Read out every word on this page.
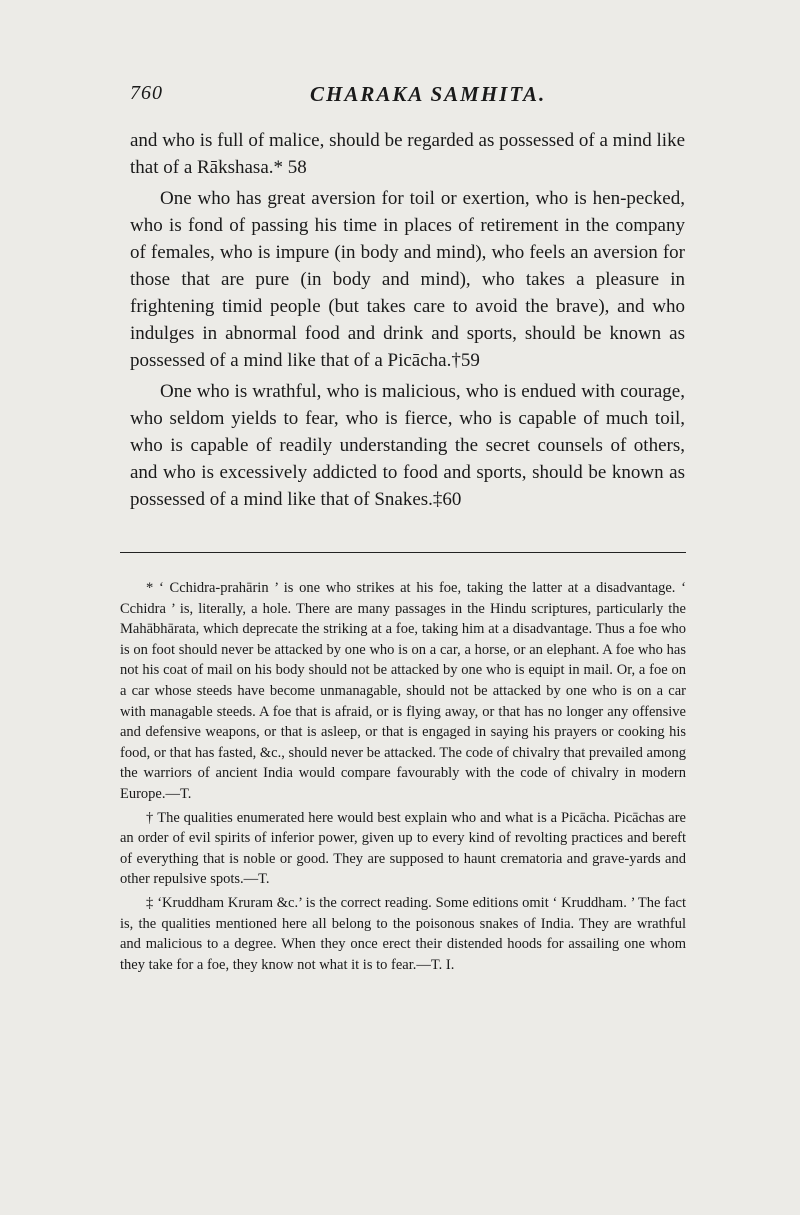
760	CHARAKA SAMHITA.

and who is full of malice, should be regarded as possessed of a mind like that of a Rākshasa.* 58

One who has great aversion for toil or exertion, who is hen-pecked, who is fond of passing his time in places of retirement in the company of females, who is impure (in body and mind), who feels an aversion for those that are pure (in body and mind), who takes a pleasure in frightening timid people (but takes care to avoid the brave), and who indulges in abnormal food and drink and sports, should be known as possessed of a mind like that of a Picācha.†59

One who is wrathful, who is malicious, who is endued with courage, who seldom yields to fear, who is fierce, who is capable of much toil, who is capable of readily understanding the secret counsels of others, and who is excessively addicted to food and sports, should be known as possessed of a mind like that of Snakes.‡60

* ‘ Cchidra-prahārin ’ is one who strikes at his foe, taking the latter at a disadvantage. ‘ Cchidra ’ is, literally, a hole. There are many passages in the Hindu scriptures, particularly the Mahābhārata, which deprecate the striking at a foe, taking him at a disadvantage. Thus a foe who is on foot should never be attacked by one who is on a car, a horse, or an elephant. A foe who has not his coat of mail on his body should not be attacked by one who is equipt in mail. Or, a foe on a car whose steeds have become unmanagable, should not be attacked by one who is on a car with managable steeds. A foe that is afraid, or is flying away, or that has no longer any offensive and defensive weapons, or that is asleep, or that is engaged in saying his prayers or cooking his food, or that has fasted, &c., should never be attacked. The code of chivalry that prevailed among the warriors of ancient India would compare favourably with the code of chivalry in modern Europe.—T.

† The qualities enumerated here would best explain who and what is a Picācha. Picāchas are an order of evil spirits of inferior power, given up to every kind of revolting practices and bereft of everything that is noble or good. They are supposed to haunt crematoria and grave-yards and other repulsive spots.—T.

‡ ‘Kruddham Kruram &c.’ is the correct reading. Some editions omit ‘ Kruddham. ’ The fact is, the qualities mentioned here all belong to the poisonous snakes of India. They are wrathful and malicious to a degree. When they once erect their distended hoods for assailing one whom they take for a foe, they know not what it is to fear.—T. I.
